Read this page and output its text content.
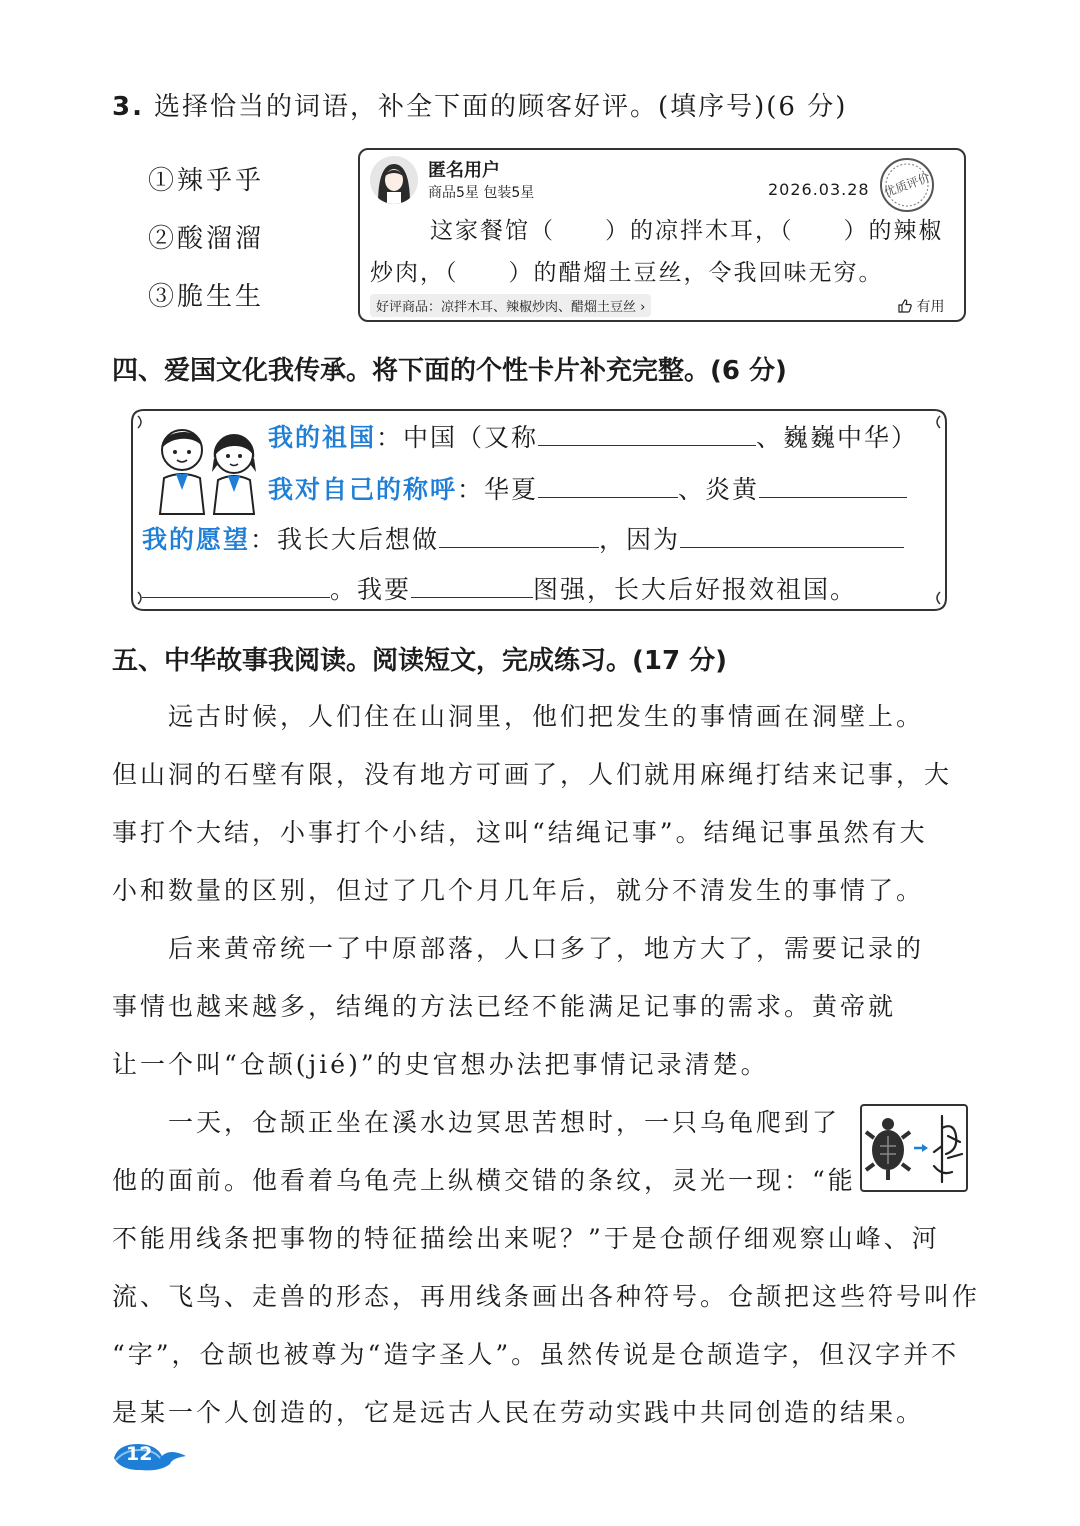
3. 选择恰当的词语，补全下面的顾客好评。(填序号)(6 分)
①辣乎乎
②酸溜溜
③脆生生
匿名用户
商品5星 包装5星	2026.03.28 优质评价
这家餐馆（　　）的凉拌木耳，（　　）的辣椒
炒肉，（　　）的醋熘土豆丝，令我回味无穷。
好评商品：凉拌木耳、辣椒炒肉、醋熘土豆丝 ›	有用
四、爱国文化我传承。将下面的个性卡片补充完整。(6 分)
我的祖国：中国（又称	、巍巍中华）
我对自己的称呼：华夏	、炎黄
我的愿望：我长大后想做	，因为
。我要	图强，长大后好报效祖国。
五、中华故事我阅读。阅读短文，完成练习。(17 分)
　　远古时候，人们住在山洞里，他们把发生的事情画在洞壁上。
但山洞的石壁有限，没有地方可画了，人们就用麻绳打结来记事，大
事打个大结，小事打个小结，这叫“结绳记事”。结绳记事虽然有大
小和数量的区别，但过了几个月几年后，就分不清发生的事情了。
　　后来黄帝统一了中原部落，人口多了，地方大了，需要记录的
事情也越来越多，结绳的方法已经不能满足记事的需求。黄帝就
让一个叫“仓颉(jié)”的史官想办法把事情记录清楚。
　　一天，仓颉正坐在溪水边冥思苦想时，一只乌龟爬到了
他的面前。他看着乌龟壳上纵横交错的条纹，灵光一现：“能
不能用线条把事物的特征描绘出来呢？”于是仓颉仔细观察山峰、河
流、飞鸟、走兽的形态，再用线条画出各种符号。仓颉把这些符号叫作
“字”，仓颉也被尊为“造字圣人”。虽然传说是仓颉造字，但汉字并不
是某一个人创造的，它是远古人民在劳动实践中共同创造的结果。
12
